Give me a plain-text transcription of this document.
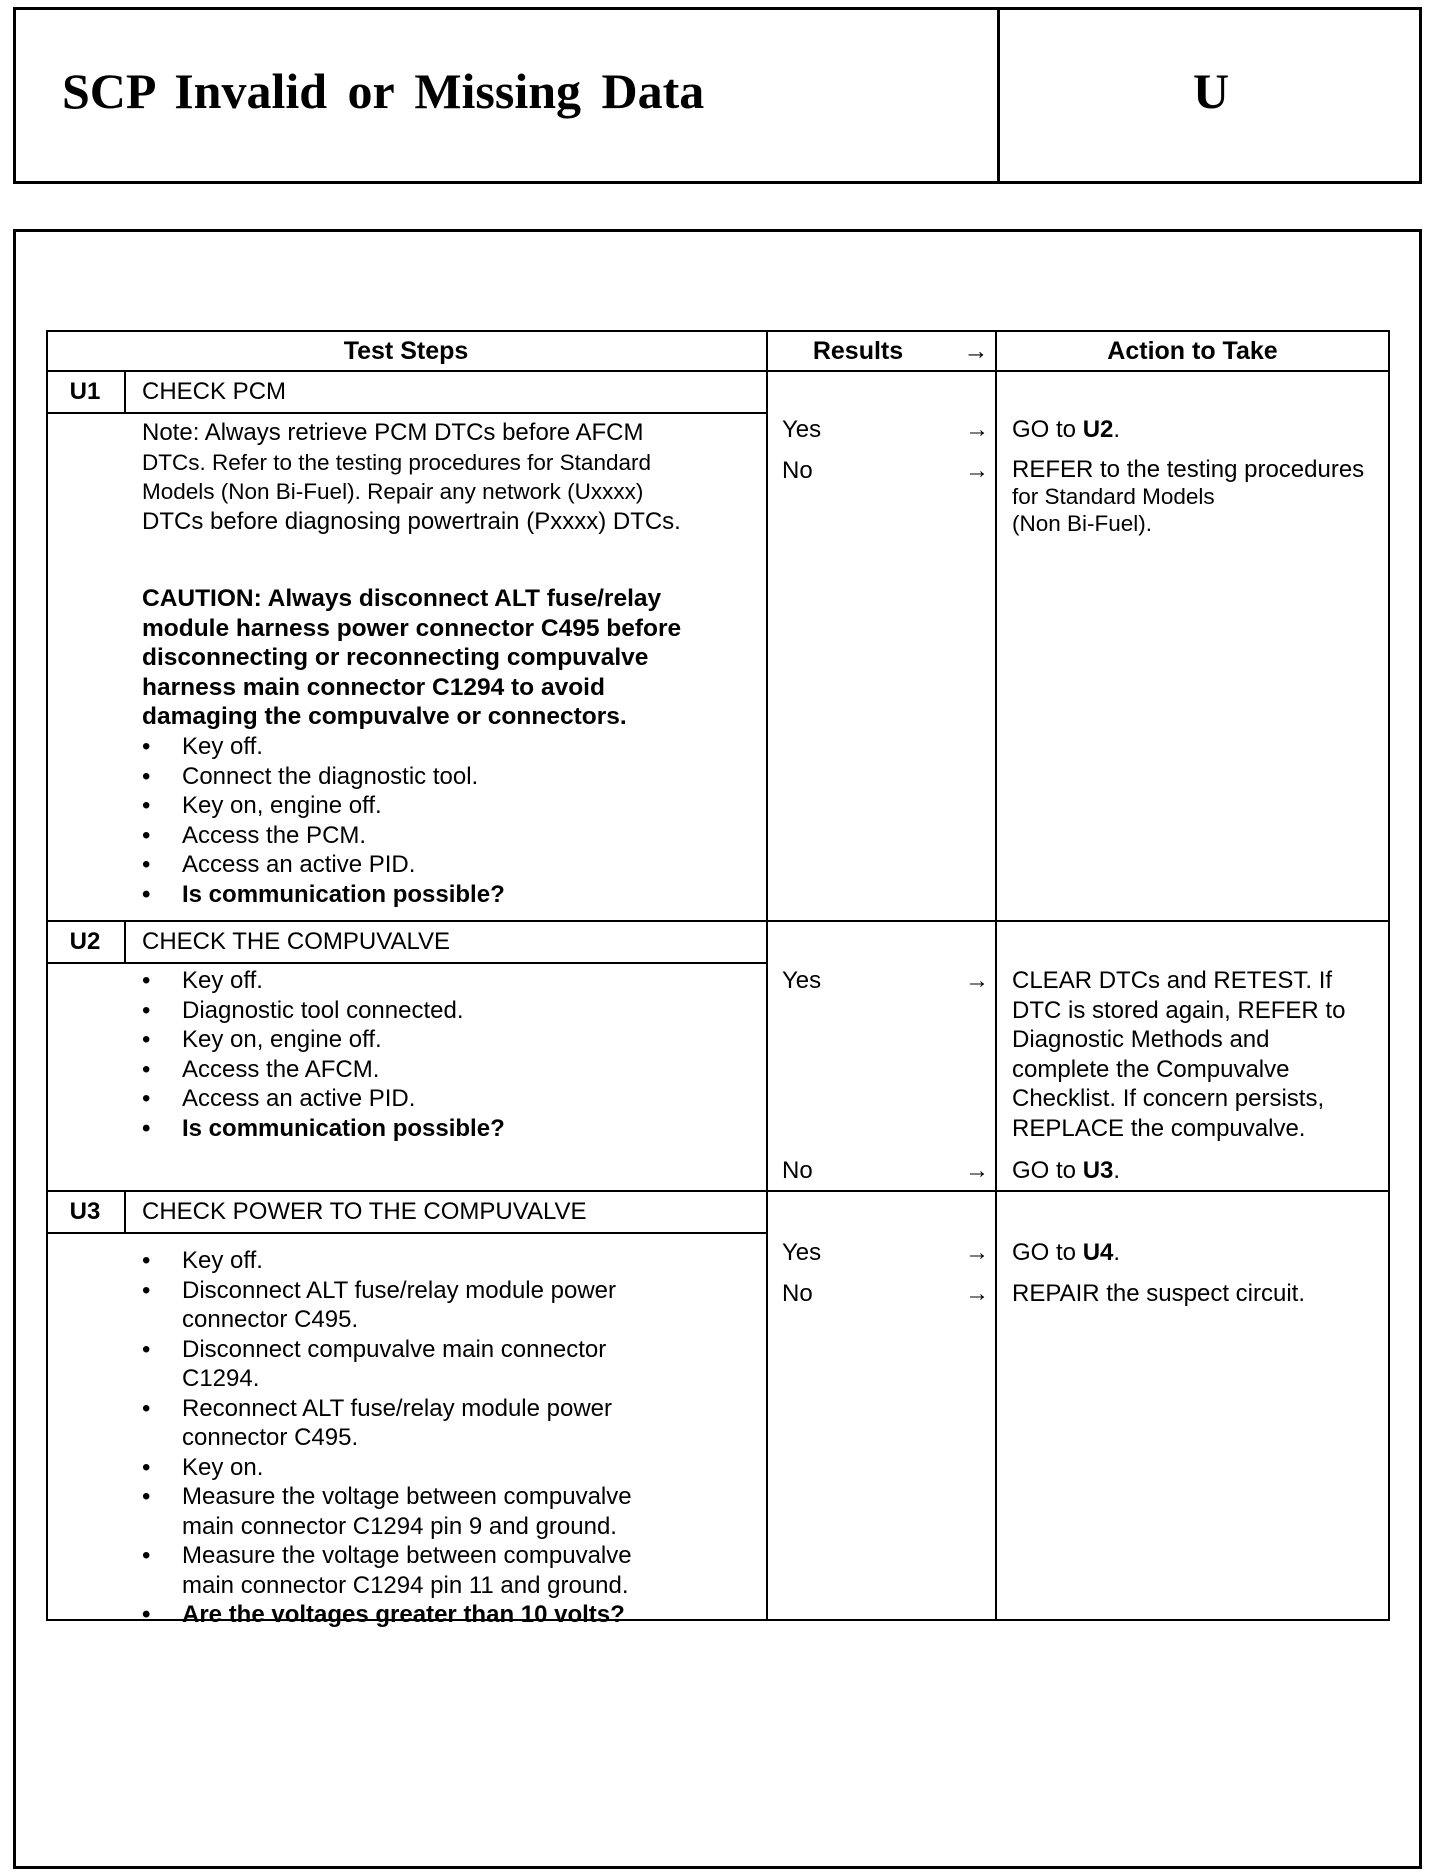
SCP Invalid or Missing Data	U
Test Steps	Results	→	Action to Take
U1	CHECK PCM
Note: Always retrieve PCM DTCs before AFCM
DTCs. Refer to the testing procedures for Standard
Models (Non Bi-Fuel). Repair any network (Uxxxx)
DTCs before diagnosing powertrain (Pxxxx) DTCs.
CAUTION: Always disconnect ALT fuse/relay
module harness power connector C495 before
disconnecting or reconnecting compuvalve
harness main connector C1294 to avoid
damaging the compuvalve or connectors.
• Key off.
• Connect the diagnostic tool.
• Key on, engine off.
• Access the PCM.
• Access an active PID.
• Is communication possible?
Yes	→ GO to U2.
No	→ REFER to the testing procedures
for Standard Models
(Non Bi-Fuel).
U2	CHECK THE COMPUVALVE
• Key off.
• Diagnostic tool connected.
• Key on, engine off.
• Access the AFCM.
• Access an active PID.
• Is communication possible?
Yes	→ CLEAR DTCs and RETEST. If
DTC is stored again, REFER to
Diagnostic Methods and
complete the Compuvalve
Checklist. If concern persists,
REPLACE the compuvalve.
No	→ GO to U3.
U3	CHECK POWER TO THE COMPUVALVE
• Key off.
• Disconnect ALT fuse/relay module power
connector C495.
• Disconnect compuvalve main connector
C1294.
• Reconnect ALT fuse/relay module power
connector C495.
• Key on.
• Measure the voltage between compuvalve
main connector C1294 pin 9 and ground.
• Measure the voltage between compuvalve
main connector C1294 pin 11 and ground.
• Are the voltages greater than 10 volts?
Yes	→ GO to U4.
No	→ REPAIR the suspect circuit.
